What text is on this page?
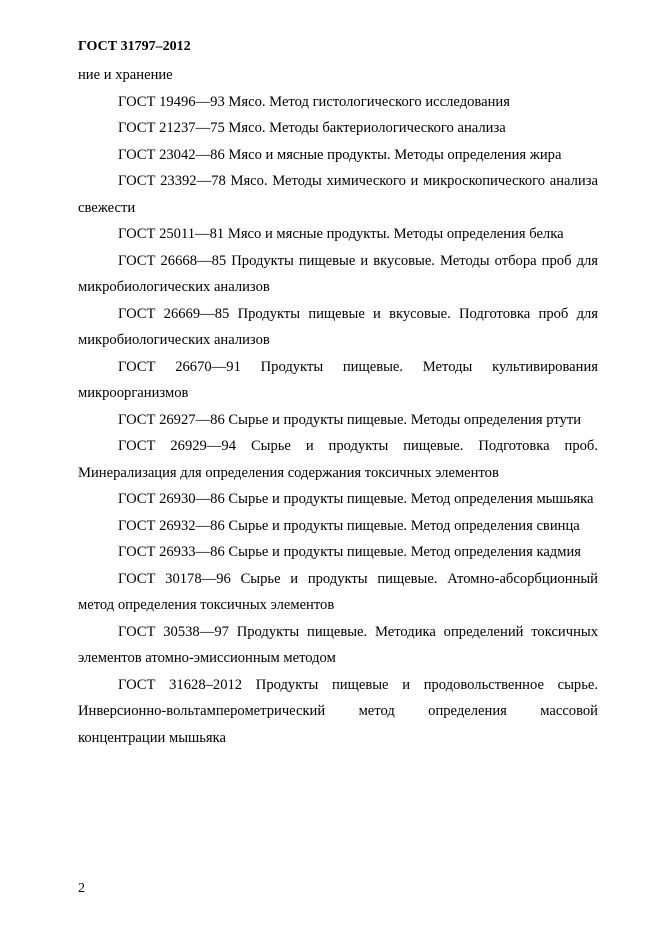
ГОСТ 31797–2012

ние и хранение

ГОСТ 19496—93 Мясо. Метод гистологического исследования

ГОСТ 21237—75 Мясо. Методы бактериологического анализа

ГОСТ 23042—86 Мясо и мясные продукты. Методы определения жира

ГОСТ 23392—78 Мясо. Методы химического и микроскопического анализа свежести

ГОСТ 25011—81 Мясо и мясные продукты. Методы определения белка

ГОСТ 26668—85 Продукты пищевые и вкусовые. Методы отбора проб для микробиологических анализов

ГОСТ 26669—85 Продукты пищевые и вкусовые. Подготовка проб для микробиологических анализов

ГОСТ 26670—91 Продукты пищевые. Методы культивирования микроорганизмов

ГОСТ 26927—86 Сырье и продукты пищевые. Методы определения ртути

ГОСТ 26929—94 Сырье и продукты пищевые. Подготовка проб. Минерализация для определения содержания токсичных элементов

ГОСТ 26930—86 Сырье и продукты пищевые. Метод определения мышьяка

ГОСТ 26932—86 Сырье и продукты пищевые. Метод определения свинца

ГОСТ 26933—86 Сырье и продукты пищевые. Метод определения кадмия

ГОСТ 30178—96 Сырье и продукты пищевые. Атомно-абсорбционный метод определения токсичных элементов

ГОСТ 30538—97 Продукты пищевые. Методика определений токсичных элементов атомно-эмиссионным методом

ГОСТ 31628–2012 Продукты пищевые и продовольственное сырье. Инверсионно-вольтамперометрический метод определения массовой концентрации мышьяка

2
